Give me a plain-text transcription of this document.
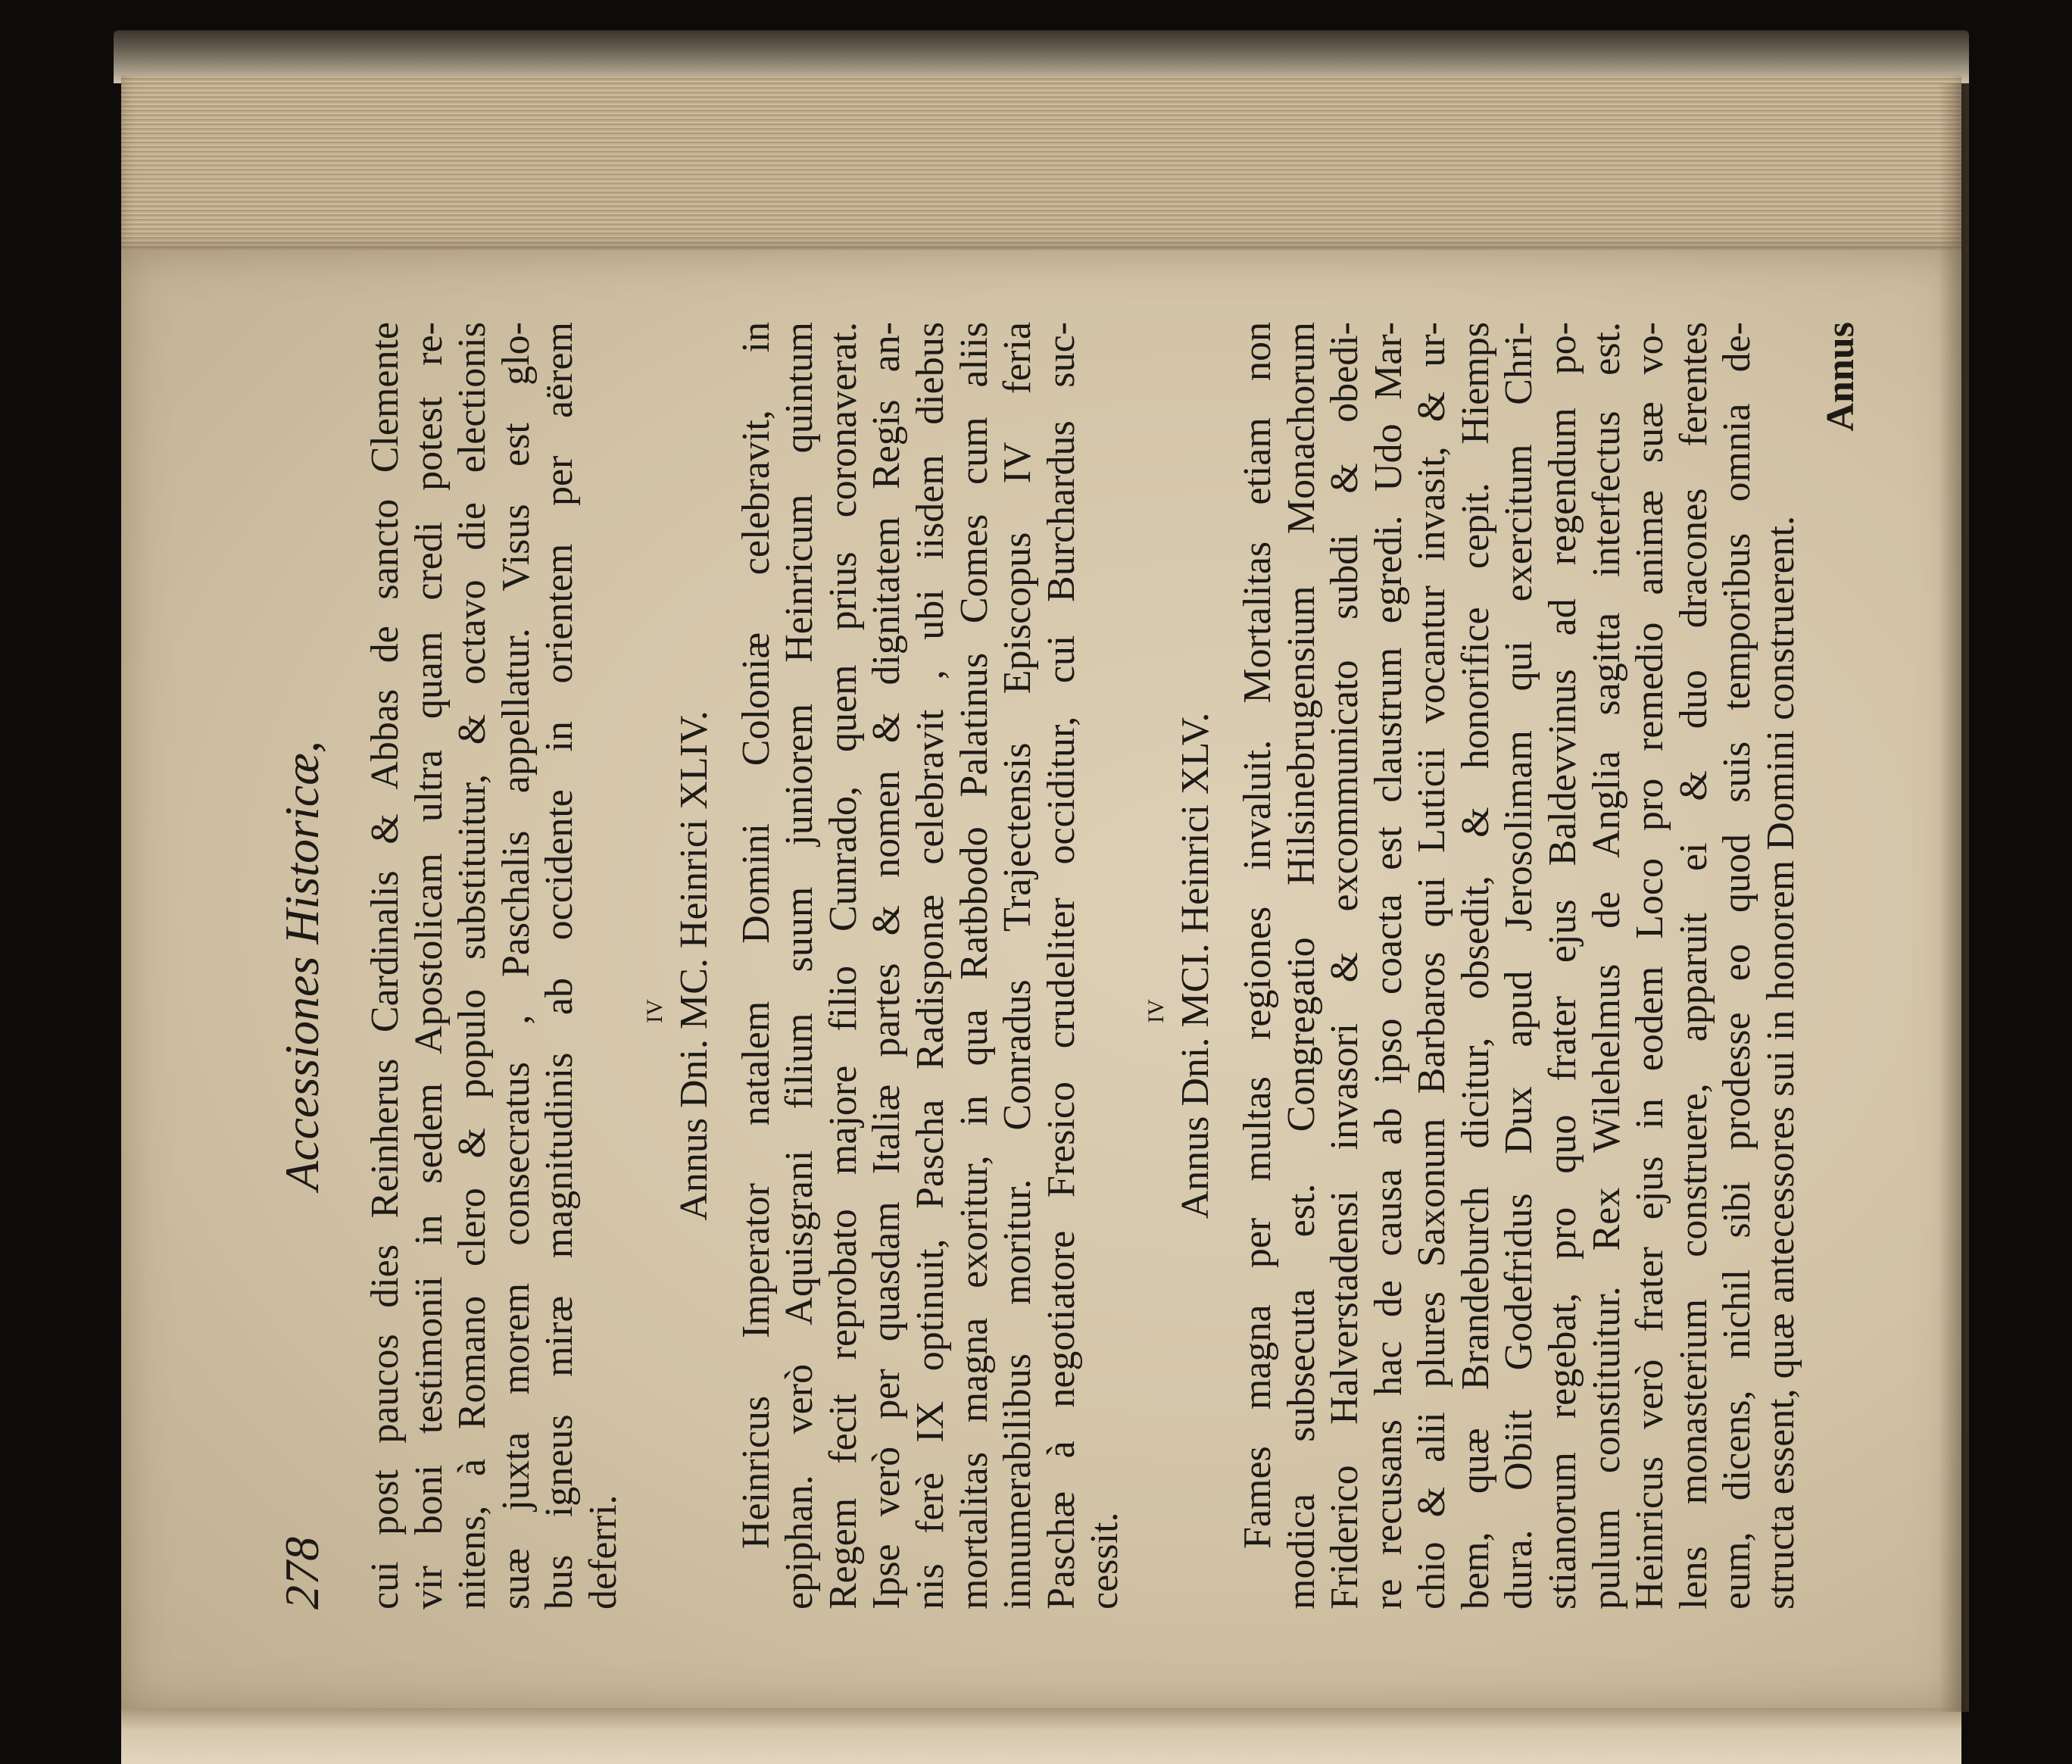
278
Accessiones Historicæ, cui post paucos dies Reinherus Cardinalis & Abbas de sancto Clemente vir boni testimonii in sedem Apostolicam ultra quam credi potest re- nitens, à Romano clero & populo substituitur, & octavo die electionis suæ juxta morem consecratus , Paschalis appellatur. Visus est glo- bus igneus miræ magnitudinis ab occidente in orientem per aërem deferri.
IV Annus Dni. MC. Heinrici XLIV. Heinricus Imperator natalem Domini Coloniæ celebravit, in epiphan. verò Aquisgrani filium suum juniorem Heinricum quintum Regem fecit reprobato majore filio Cunrado, quem prius coronaverat. Ipse verò per quasdam Italiæ partes & nomen & dignitatem Regis an- nis ferè IX optinuit, Pascha Radisponæ celebravit , ubi iisdem diebus mortalitas magna exoritur, in qua Ratbbodo Palatinus Comes cum aliis innumerabilibus moritur. Conradus Trajectensis Episcopus IV feria Paschæ à negotiatore Fresico crudeliter occiditur, cui Burchardus suc- cessit.
IV Annus Dni. MCI. Heinrici XLV. Fames magna per multas regiones invaluit. Mortalitas etiam non modica subsecuta est. Congregatio Hilsinebrugensium Monachorum Friderico Halverstadensi invasori & excommunicato subdi & obedi- re recusans hac de causa ab ipso coacta est claustrum egredi. Udo Mar- chio & alii plures Saxonum Barbaros qui Luticii vocantur invasit, & ur- bem, quæ Brandeburch dicitur, obsedit, & honorifice cepit. Hiemps dura. Obiit Godefridus Dux apud Jerosolimam qui exercitum Chri- stianorum regebat, pro quo frater ejus Baldevvinus ad regendum po- pulum constituitur. Rex Wilehelmus de Anglia sagitta interfectus est. Heinricus verò frater ejus in eodem Loco pro remedio animæ suæ vo- lens monasterium construere, apparuit ei & duo dracones ferentes eum, dicens, nichil sibi prodesse eo quod suis temporibus omnia de- structa essent, quæ antecessores sui in honorem Domini construerent.
Annus
